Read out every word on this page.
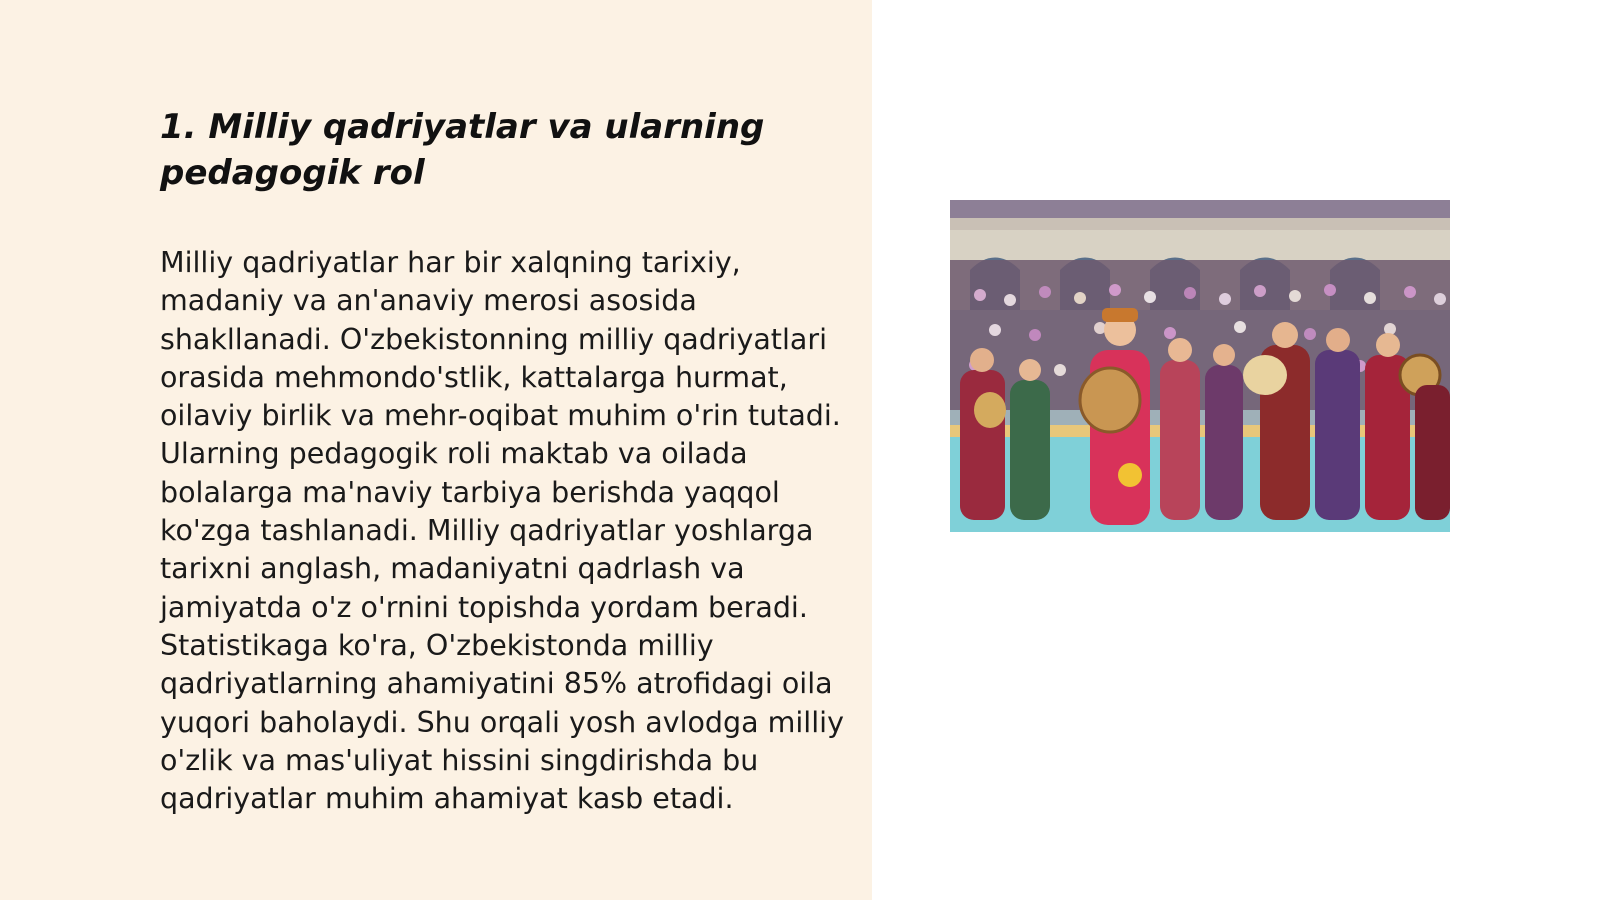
1. Milliy qadriyatlar va ularning pedagogik rol

Milliy qadriyatlar har bir xalqning tarixiy, madaniy va an'anaviy merosi asosida shakllanadi. O'zbekistonning milliy qadriyatlari orasida mehmondo'stlik, kattalarga hurmat, oilaviy birlik va mehr-oqibat muhim o'rin tutadi. Ularning pedagogik roli maktab va oilada bolalarga ma'naviy tarbiya berishda yaqqol ko'zga tashlanadi. Milliy qadriyatlar yoshlarga tarixni anglash, madaniyatni qadrlash va jamiyatda o'z o'rnini topishda yordam beradi. Statistikaga ko'ra, O'zbekistonda milliy qadriyatlarning ahamiyatini 85% atrofidagi oila yuqori baholaydi. Shu orqali yosh avlodga milliy o'zlik va mas'uliyat hissini singdirishda bu qadriyatlar muhim ahamiyat kasb etadi.
